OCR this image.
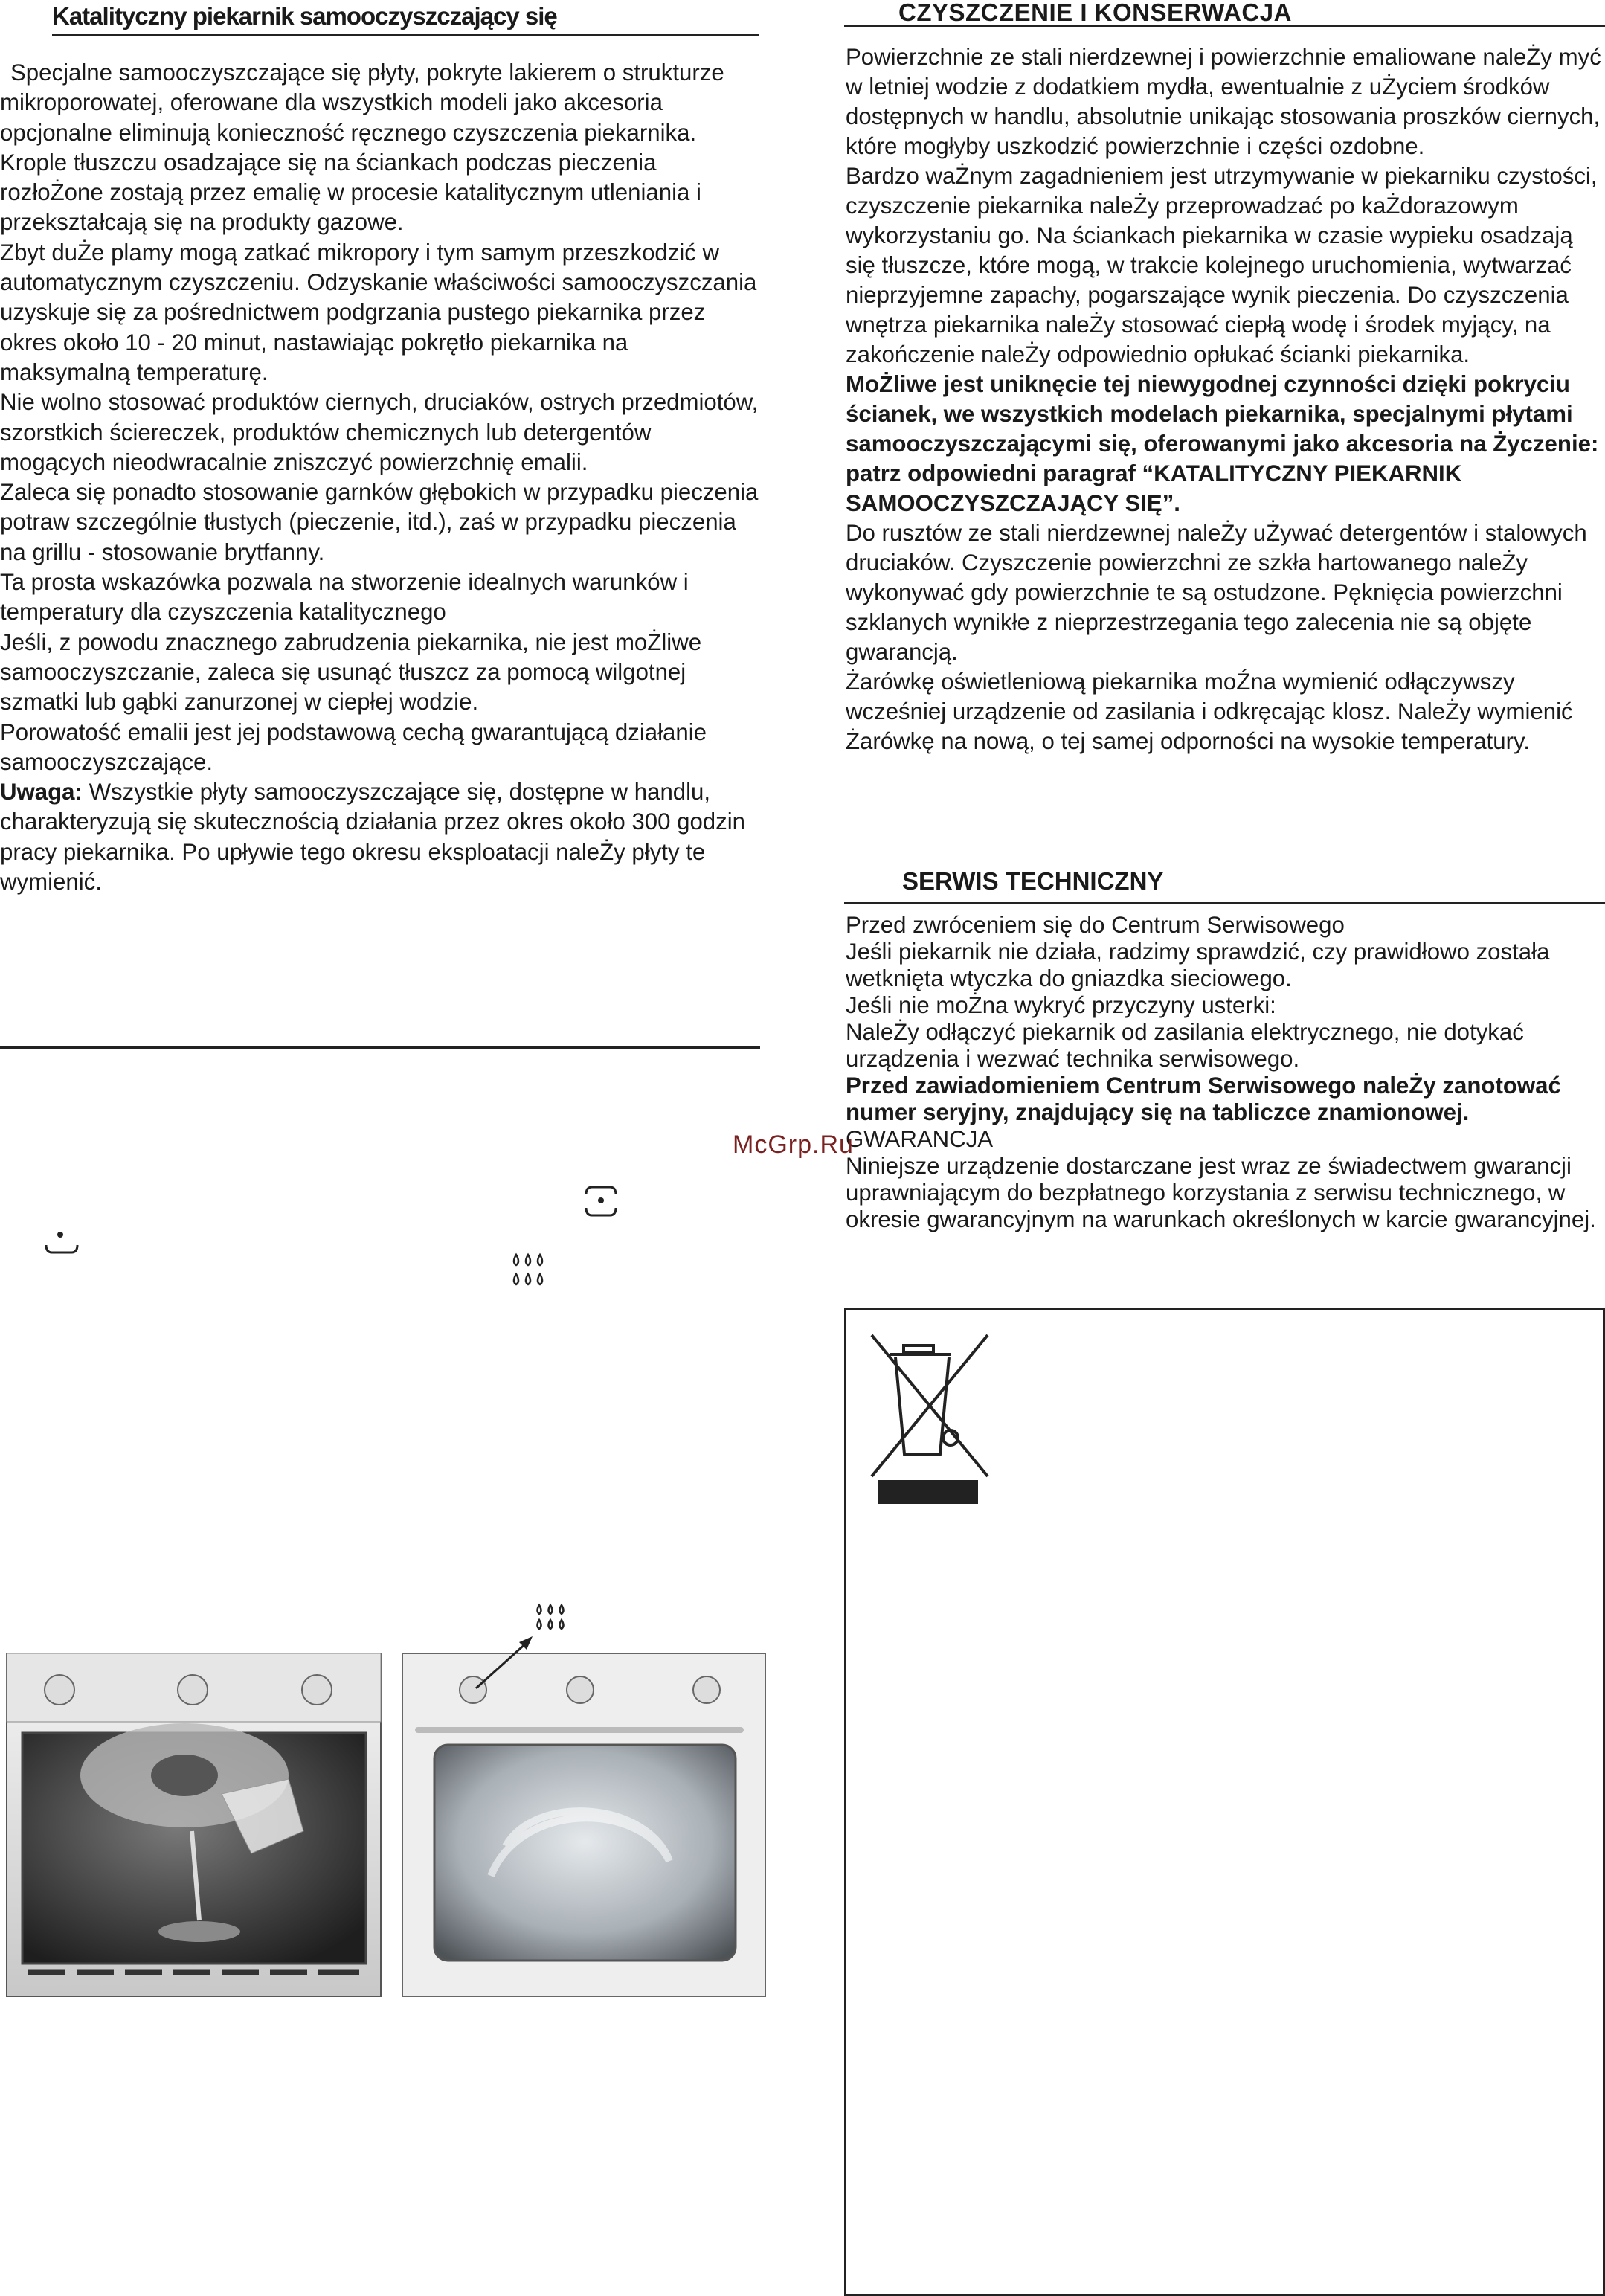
Katalityczny piekarnik samooczyszczający się

Specjalne samooczyszczające się płyty, pokryte lakierem o strukturze mikroporowatej, oferowane dla wszystkich modeli jako akcesoria opcjonalne eliminują konieczność ręcznego czyszczenia piekarnika.

Krople tłuszczu osadzające się na ściankach podczas pieczenia rozłoŻone zostają przez emalię w procesie katalitycznym utleniania i przekształcają się na produkty gazowe.

Zbyt duŻe plamy mogą zatkać mikropory i tym samym przeszkodzić w automatycznym czyszczeniu. Odzyskanie właściwości samooczyszczania uzyskuje się za pośrednictwem podgrzania pustego piekarnika przez okres około 10 - 20 minut, nastawiając pokrętło piekarnika na maksymalną temperaturę.

Nie wolno stosować produktów ciernych, druciaków, ostrych przedmiotów, szorstkich ściereczek, produktów chemicznych lub detergentów mogących nieodwracalnie zniszczyć powierzchnię emalii.

Zaleca się ponadto stosowanie garnków głębokich w przypadku pieczenia potraw szczególnie tłustych (pieczenie, itd.), zaś w przypadku pieczenia na grillu - stosowanie brytfanny.

Ta prosta wskazówka pozwala na stworzenie idealnych warunków i temperatury dla czyszczenia katalitycznego

Jeśli, z powodu znacznego zabrudzenia piekarnika, nie jest moŻliwe samooczyszczanie, zaleca się usunąć tłuszcz za pomocą wilgotnej szmatki lub gąbki zanurzonej w ciepłej wodzie.

Porowatość emalii jest jej podstawową cechą gwarantującą działanie samooczyszczające.

Uwaga: Wszystkie płyty samooczyszczające się, dostępne w handlu, charakteryzują się skutecznością działania przez okres około 300 godzin pracy piekarnika. Po upływie tego okresu eksploatacji naleŻy płyty te wymienić.

CZYSZCZENIE I KONSERWACJA

Powierzchnie ze stali nierdzewnej i powierzchnie emaliowane naleŻy myć w letniej wodzie z dodatkiem mydła, ewentualnie z uŻyciem środków dostępnych w handlu, absolutnie unikając stosowania proszków ciernych, które mogłyby uszkodzić powierzchnie i części ozdobne.

Bardzo waŻnym zagadnieniem jest utrzymywanie w piekarniku czystości, czyszczenie piekarnika naleŻy przeprowadzać po kaŻdorazowym wykorzystaniu go. Na ściankach piekarnika w czasie wypieku osadzają się tłuszcze, które mogą, w trakcie kolejnego uruchomienia, wytwarzać nieprzyjemne zapachy, pogarszające wynik pieczenia. Do czyszczenia wnętrza piekarnika naleŻy stosować ciepłą wodę i środek myjący, na zakończenie naleŻy odpowiednio opłukać ścianki piekarnika.

MoŻliwe jest uniknęcie tej niewygodnej czynności dzięki pokryciu ścianek, we wszystkich modelach piekarnika, specjalnymi płytami samooczyszczającymi się, oferowanymi jako akcesoria na Życzenie: patrz odpowiedni paragraf “KATALITYCZNY PIEKARNIK SAMOOCZYSZCZAJĄCY SIĘ”.

Do rusztów ze stali nierdzewnej naleŻy uŻywać detergentów i stalowych druciaków. Czyszczenie powierzchni ze szkła hartowanego naleŻy wykonywać gdy powierzchnie te są ostudzone. Pęknięcia powierzchni szklanych wynikłe z nieprzestrzegania tego zalecenia nie są objęte gwarancją.

Żarówkę oświetleniową piekarnika moŹna wymienić odłączywszy wcześniej urządzenie od zasilania i odkręcając klosz. NaleŻy wymienić Żarówkę na nową, o tej samej odporności na wysokie temperatury.

SERWIS TECHNICZNY

Przed zwróceniem się do Centrum Serwisowego

Jeśli piekarnik nie działa, radzimy sprawdzić, czy prawidłowo została wetknięta wtyczka do gniazdka sieciowego.

Jeśli nie moŻna wykryć przyczyny usterki:

NaleŻy odłączyć piekarnik od zasilania elektrycznego, nie dotykać urządzenia i wezwać technika serwisowego.

Przed zawiadomieniem Centrum Serwisowego naleŻy zanotować numer seryjny, znajdujący się na tabliczce znamionowej.

GWARANCJA

Niniejsze urządzenie dostarczane jest wraz ze świadectwem gwarancji uprawniającym do bezpłatnego korzystania z serwisu technicznego, w okresie gwarancyjnym na warunkach określonych w karcie gwarancyjnej.

McGrp.Ru
